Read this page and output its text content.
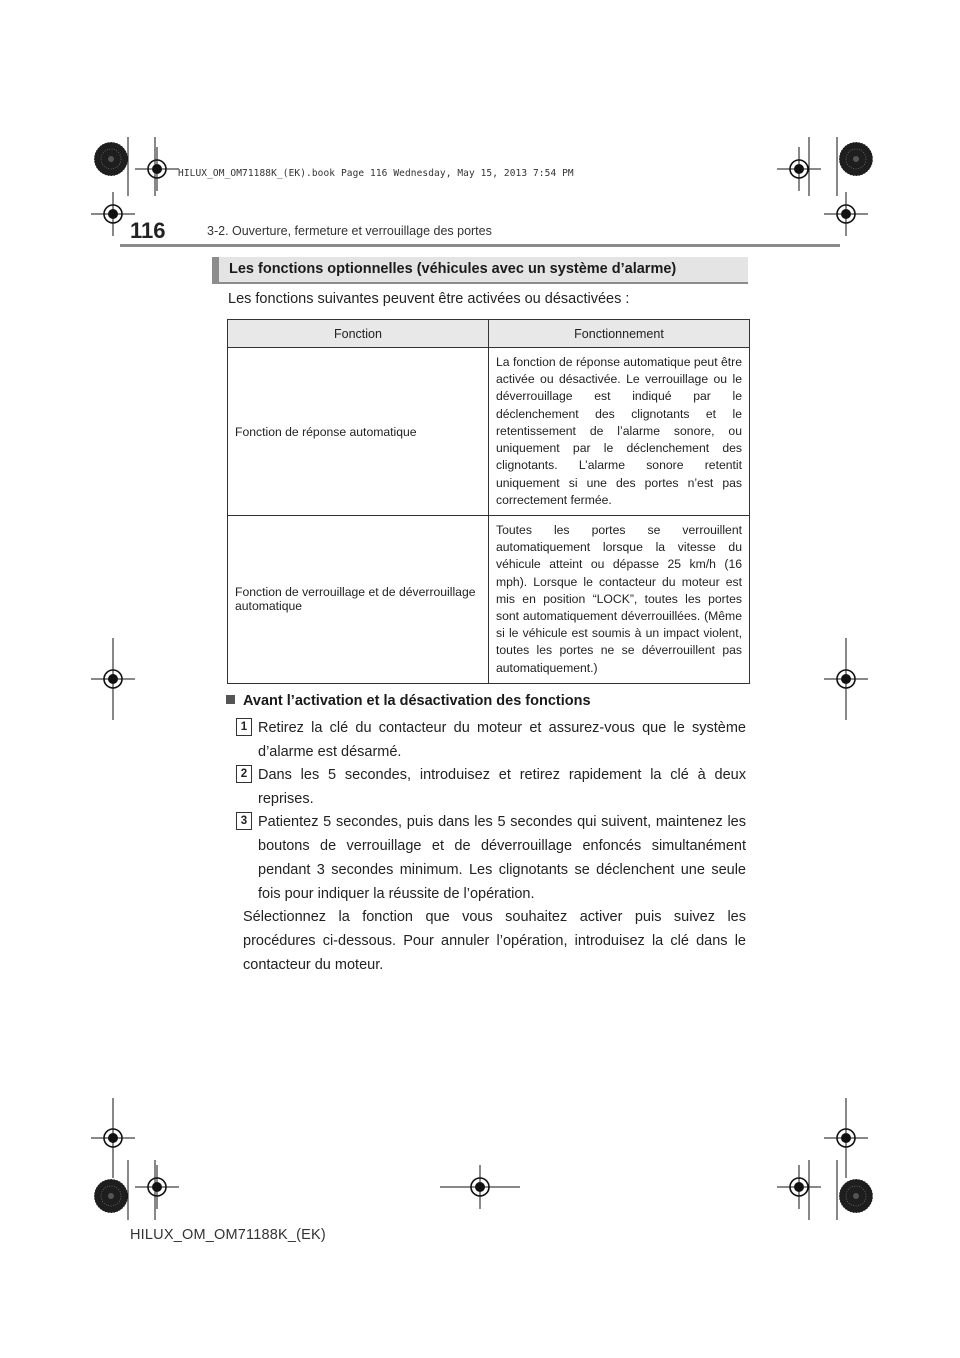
HILUX_OM_OM71188K_(EK).book Page 116 Wednesday, May 15, 2013 7:54 PM
116	3-2. Ouverture, fermeture et verrouillage des portes
Les fonctions optionnelles (véhicules avec un système d’alarme)
Les fonctions suivantes peuvent être activées ou désactivées :
Fonction	Fonctionnement
Fonction de réponse automatique	La fonction de réponse automatique peut être activée ou désactivée. Le verrouillage ou le déverrouillage est indiqué par le déclenchement des clignotants et le retentissement de l’alarme sonore, ou uniquement par le déclenchement des clignotants. L’alarme sonore retentit uniquement si une des portes n’est pas correctement fermée.
Fonction de verrouillage et de déverrouillage automatique	Toutes les portes se verrouillent automatiquement lorsque la vitesse du véhicule atteint ou dépasse 25 km/h (16 mph). Lorsque le contacteur du moteur est mis en position “LOCK”, toutes les portes sont automatiquement déverrouillées. (Même si le véhicule est soumis à un impact violent, toutes les portes ne se déverrouillent pas automatiquement.)
Avant l’activation et la désactivation des fonctions
1 Retirez la clé du contacteur du moteur et assurez-vous que le système d’alarme est désarmé.
2 Dans les 5 secondes, introduisez et retirez rapidement la clé à deux reprises.
3 Patientez 5 secondes, puis dans les 5 secondes qui suivent, maintenez les boutons de verrouillage et de déverrouillage enfoncés simultanément pendant 3 secondes minimum. Les clignotants se déclenchent une seule fois pour indiquer la réussite de l’opération.
Sélectionnez la fonction que vous souhaitez activer puis suivez les procédures ci-dessous. Pour annuler l’opération, introduisez la clé dans le contacteur du moteur.
HILUX_OM_OM71188K_(EK)
